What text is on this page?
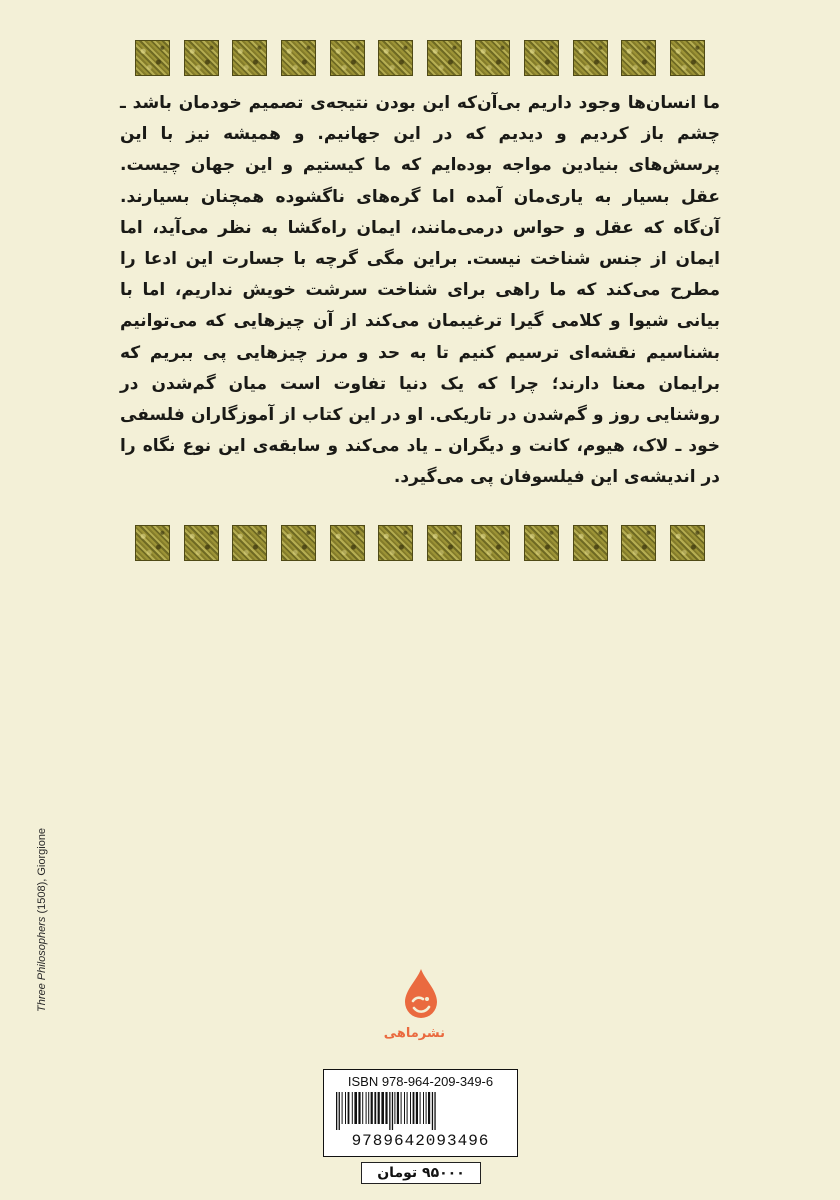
ما انسان‌ها وجود داریم بی‌آن‌که این بودن نتیجه‌ی تصمیم خودمان باشد ـ چشم باز کردیم و دیدیم که در این جهانیم. و همیشه نیز با این پرسش‌های بنیادین مواجه بوده‌ایم که ما کیستیم و این جهان چیست. عقل بسیار به یاری‌مان آمده اما گره‌های ناگشوده همچنان بسیارند. آن‌گاه که عقل و حواس درمی‌مانند، ایمان راه‌گشا به نظر می‌آید، اما ایمان از جنس شناخت نیست. براین مگی گرچه با جسارت این ادعا را مطرح می‌کند که ما راهی برای شناخت سرشت خویش نداریم، اما با بیانی شیوا و کلامی گیرا ترغیبمان می‌کند از آن چیزهایی که می‌توانیم بشناسیم نقشه‌ای ترسیم کنیم تا به حد و مرز چیزهایی پی ببریم که برایمان معنا دارند؛ چرا که یک دنیا تفاوت است میان گم‌شدن در روشنایی روز و گم‌شدن در تاریکی. او در این کتاب از آموزگاران فلسفی خود ـ لاک، هیوم، کانت و دیگران ـ یاد می‌کند و سابقه‌ی این نوع نگاه را در اندیشه‌ی این فیلسوفان پی می‌گیرد.

Three Philosophers (1508), Giorgione
نشرماهی
ISBN 978-964-209-349-6
9789642093496
۹۵۰۰۰ تومان
